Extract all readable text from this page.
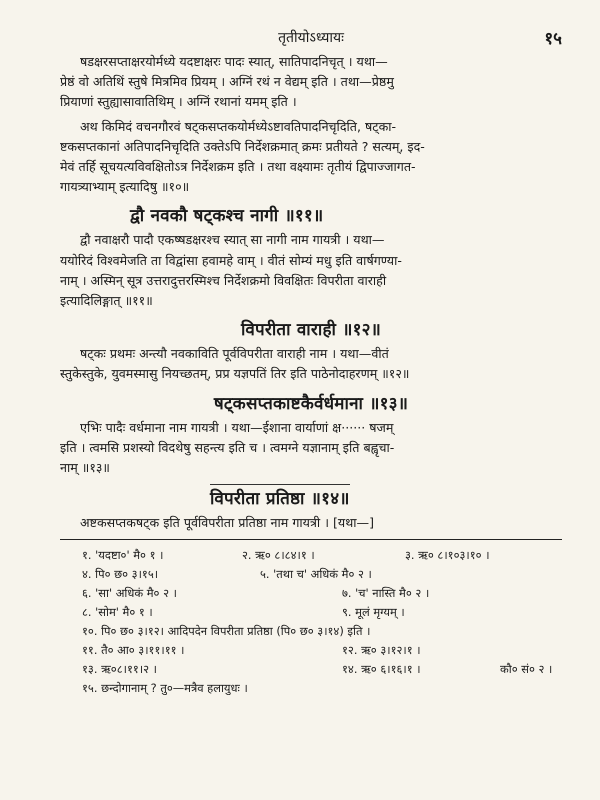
तृतीयोऽध्यायः	१५

षडक्षरसप्ताक्षरयोर्मध्ये यदष्टाक्षरः पादः स्यात्, सातिपादनिचृत् । यथा—
प्रेष्ठं वो अतिथिं स्तुषे मित्रमिव प्रियम् । अग्निं रथं न वेद्यम् इति । तथा—प्रेष्ठमु
प्रियाणां स्तुह्यासावातिथिम् । अग्निं रथानां यमम् इति ।

अथ किमिदं वचनगौरवं षट्कसप्तकयोर्मध्येऽष्टावतिपादनिचृदिति, षट्का-
ष्टकसप्तकानां अतिपादनिचृदिति उक्तेऽपि निर्देशक्रमात् क्रमः प्रतीयते ? सत्यम्, इद-
मेवं तर्हि सूचयत्यविवक्षितोऽत्र निर्देशक्रम इति । तथा वक्ष्यामः तृतीयं द्विपाज्जागत-
गायत्र्याभ्याम् इत्यादिषु ॥१०॥

द्वौ नवकौ षट्कश्च नागी ॥११॥

द्वौ नवाक्षरौ पादौ एकष्षडक्षरश्च स्यात् सा नागी नाम गायत्री । यथा—
ययोरिदं विश्वमेजति ता विद्वांसा हवामहे वाम् । वीतं सोम्यं मधु इति वार्षगण्या-
नाम् । अस्मिन् सूत्र उत्तरादुत्तरस्मिश्च निर्देशक्रमो विवक्षितः विपरीता वाराही
इत्यादिलिङ्गात् ॥११॥

विपरीता वाराही ॥१२॥

षट्कः प्रथमः अन्त्यौ नवकाविति पूर्वविपरीता वाराही नाम । यथा—वीतं
स्तुकेस्तुके, युवमस्मासु नियच्छतम्, प्रप्र यज्ञपतिं तिर इति पाठेनोदाहरणम् ॥१२॥

षट्कसप्तकाष्टकैर्वर्धमाना ॥१३॥

एभिः पादैः वर्धमाना नाम गायत्री । यथा—ईशाना वार्याणां क्ष······ षजम्
इति । त्वमसि प्रशस्यो विदथेषु सहन्त्य इति च । त्वमग्ने यज्ञानाम् इति बह्वृचा-
नाम् ॥१३॥

विपरीता प्रतिष्ठा ॥१४॥

अष्टकसप्तकषट्क इति पूर्वविपरीता प्रतिष्ठा नाम गायत्री । [यथा—]

१. 'यदष्टा०' मै० १ ।	२. ऋ० ८।८४।१ ।	३. ऋ० ८।१०३।१० ।
४. पि० छ० ३।१५।	५. 'तथा च' अधिकं मै० २ ।
६. 'सा' अधिकं मै० २ ।	७. 'च' नास्ति मै० २ ।
८. 'सोम' मै० १ ।	९. मूलं मृग्यम् ।
१०. पि० छ० ३।१२। आदिपदेन विपरीता प्रतिष्ठा (पि० छ० ३।१४) इति ।
११. तै० आ० ३।११।११ ।	१२. ऋ० ३।१२।१ ।
१३. ऋ०८।११।२ ।	१४. ऋ० ६।१६।१ ।	कौ० सं० २ ।
१५. छन्दोगानाम् ? तु०—मत्रैव हलायुधः ।
